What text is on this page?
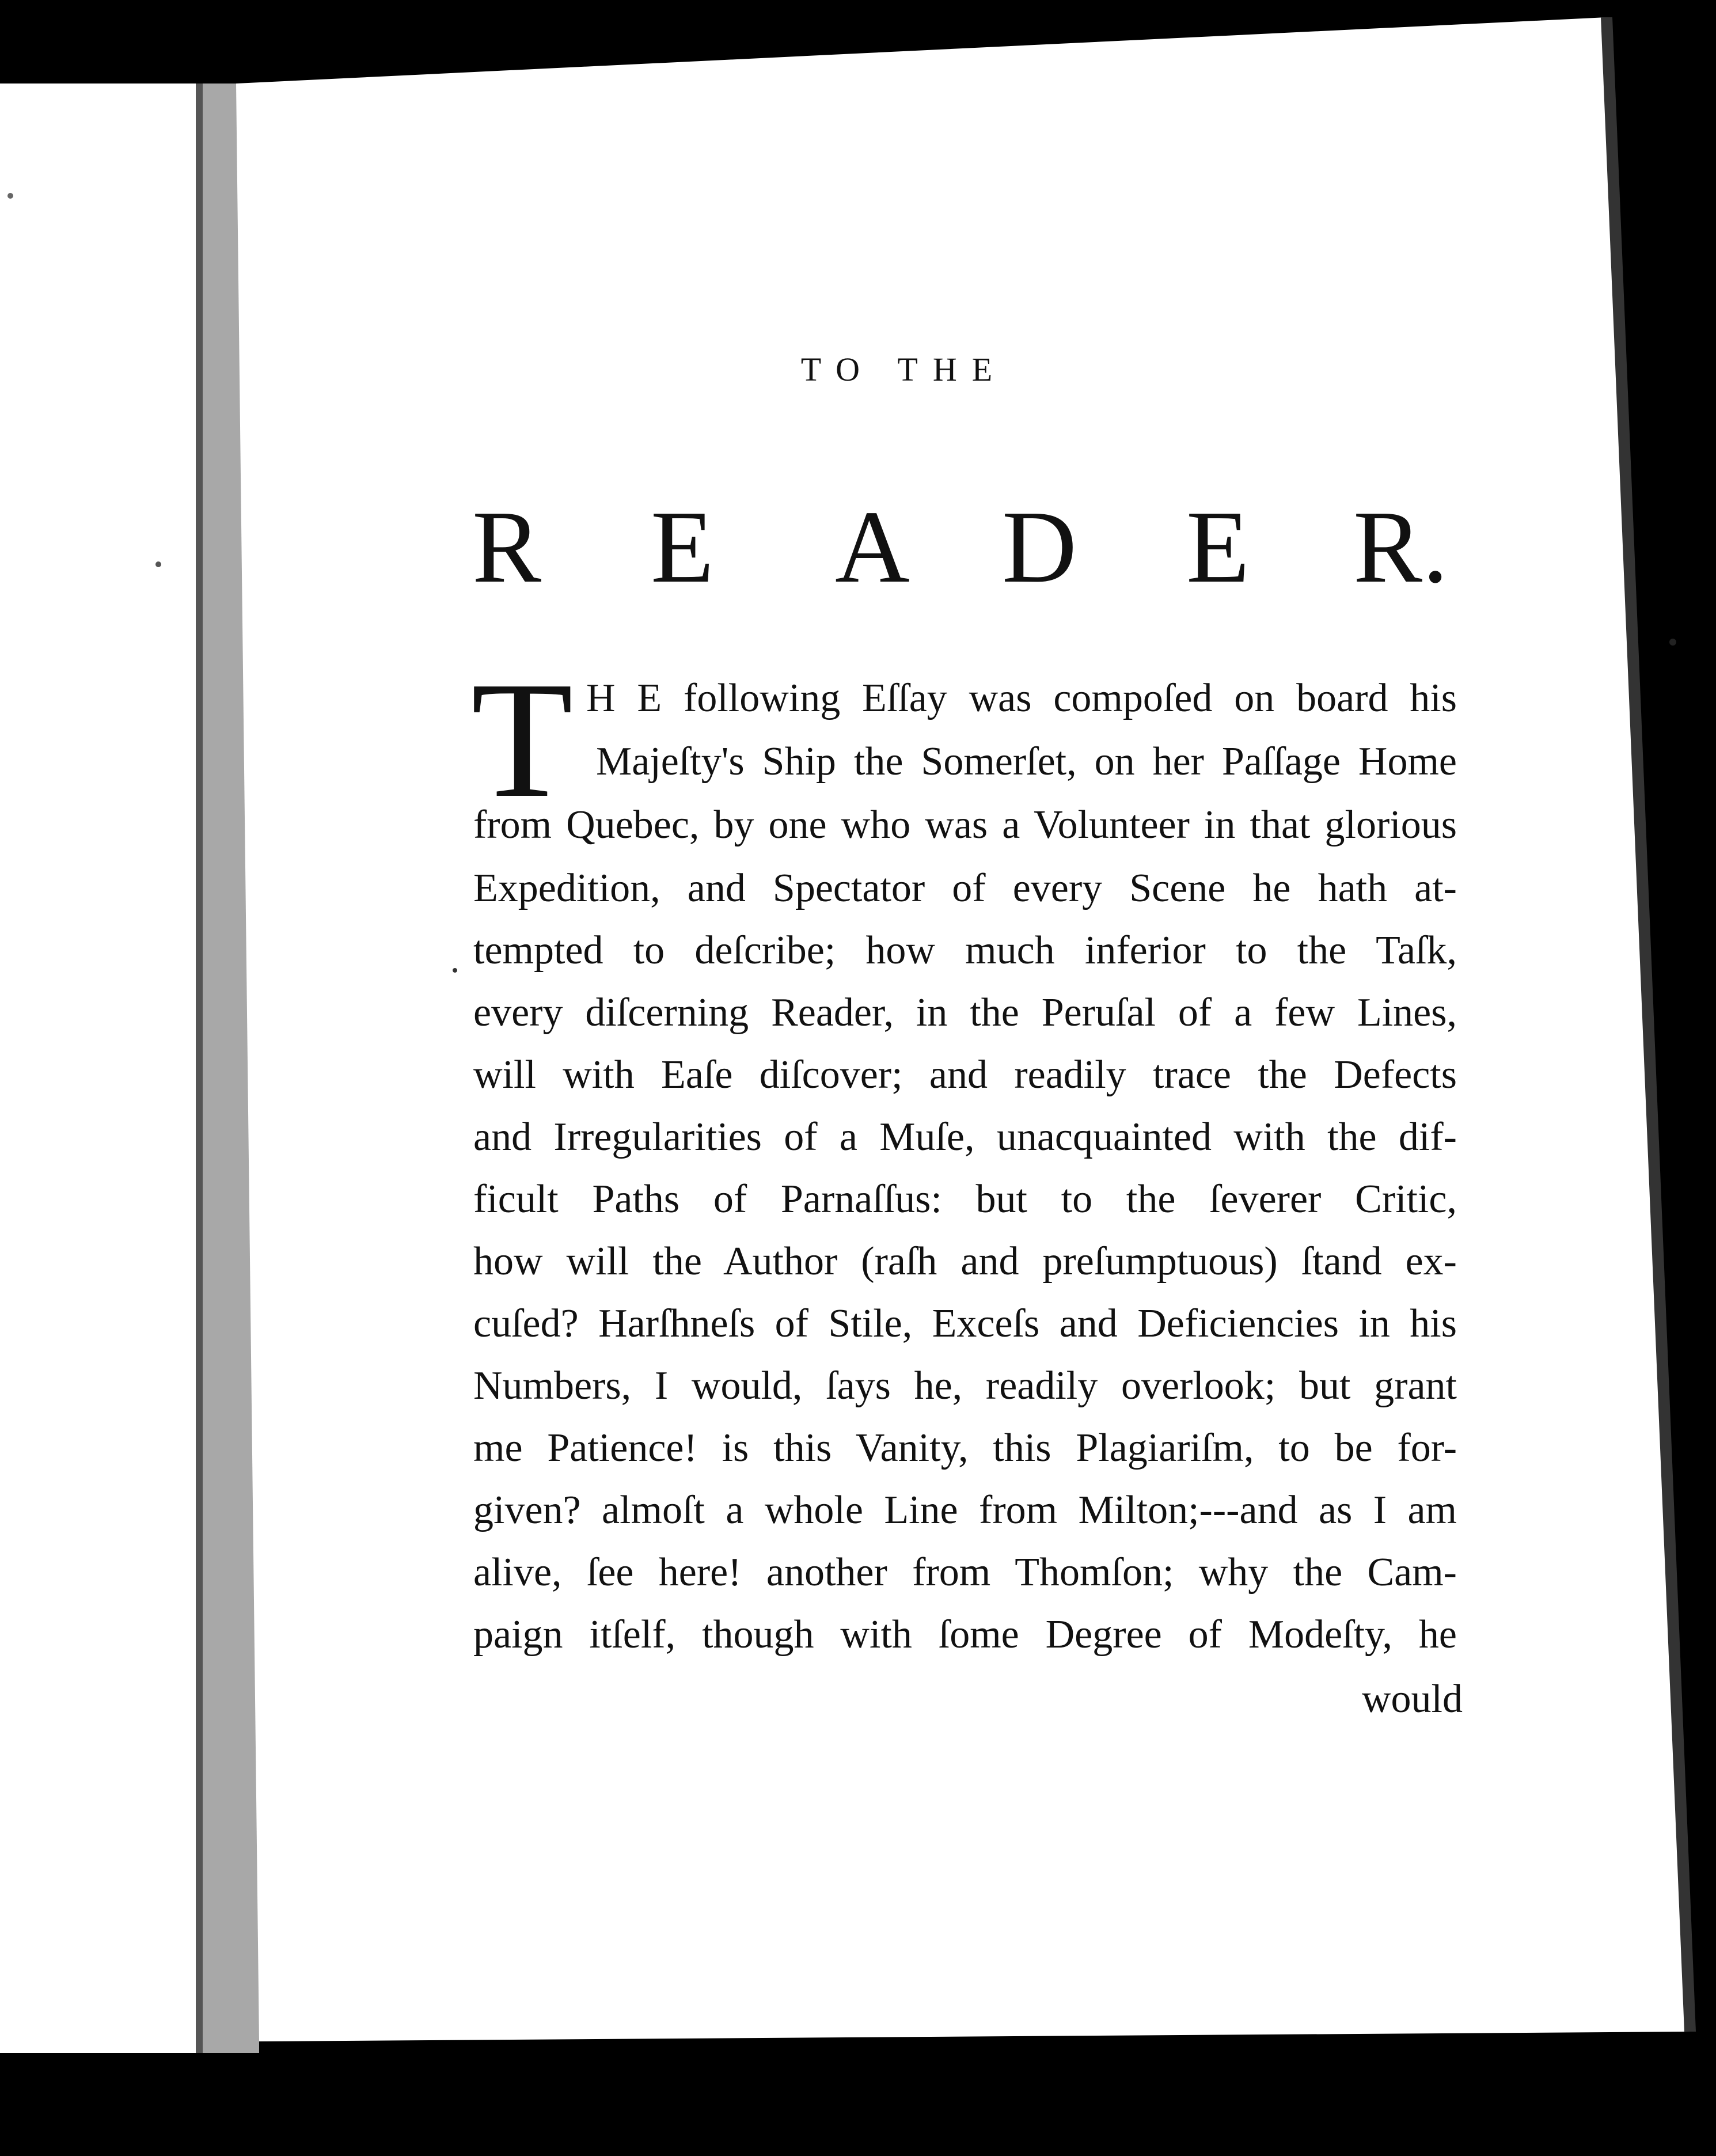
TO THE
R E A D E R.
T H E following Eſſay was compoſed on board his
Majeſty's Ship the Somerſet, on her Paſſage Home
from Quebec, by one who was a Volunteer in that glorious
Expedition, and Spectator of every Scene he hath at-
tempted to deſcribe; how much inferior to the Taſk,
every diſcerning Reader, in the Peruſal of a few Lines,
will with Eaſe diſcover; and readily trace the Defects
and Irregularities of a Muſe, unacquainted with the dif-
ficult Paths of Parnaſſus: but to the ſeverer Critic,
how will the Author (raſh and preſumptuous) ſtand ex-
cuſed? Harſhneſs of Stile, Exceſs and Deficiencies in his
Numbers, I would, ſays he, readily overlook; but grant
me Patience! is this Vanity, this Plagiariſm, to be for-
given? almoſt a whole Line from Milton;---and as I am
alive, ſee here! another from Thomſon; why the Cam-
paign itſelf, though with ſome Degree of Modeſty, he
would
